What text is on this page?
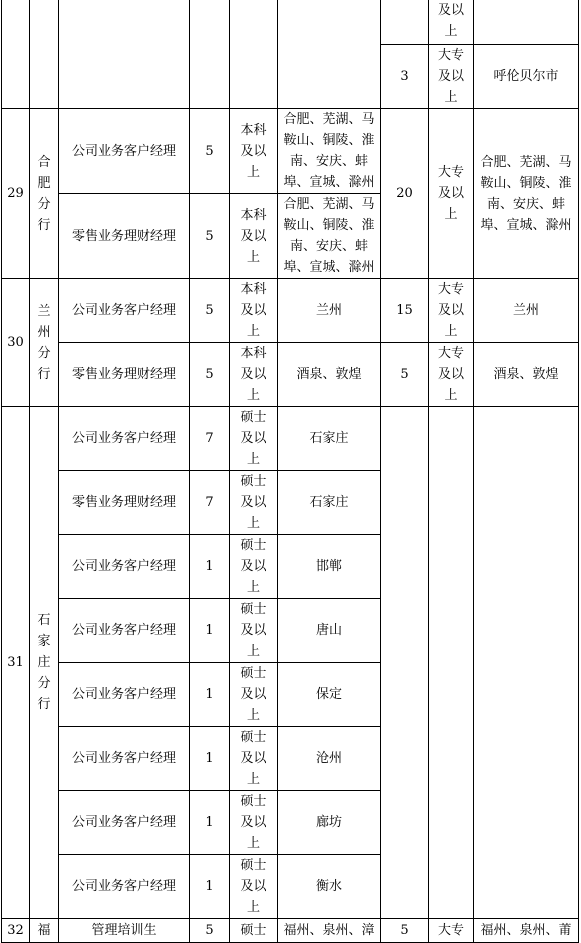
							及以上	

						3	大专及以上	呼伦贝尔市
29	合肥分行	公司业务客户经理	5	本科及以上	合肥、芜湖、马鞍山、铜陵、淮南、安庆、蚌埠、宣城、滁州	20	大专及以上	合肥、芜湖、马鞍山、铜陵、淮南、安庆、蚌埠、宣城、滁州

		零售业务理财经理	5	本科及以上	合肥、芜湖、马鞍山、铜陵、淮南、安庆、蚌埠、宣城、滁州			

30	兰州分行	公司业务客户经理	5	本科及以上	兰州	15	大专及以上	兰州
		零售业务理财经理	5	本科及以上	酒泉、敦煌	5	大专及以上	酒泉、敦煌
31	石家庄分行	公司业务客户经理	7	硕士及以上	石家庄			
		零售业务理财经理	7	硕士及以上	石家庄			
		公司业务客户经理	1	硕士及以上	邯郸			
		公司业务客户经理	1	硕士及以上	唐山			
		公司业务客户经理	1	硕士及以上	保定			
		公司业务客户经理	1	硕士及以上	沧州			
		公司业务客户经理	1	硕士及以上	廊坊			
		公司业务客户经理	1	硕士及以上	衡水			
32	福	管理培训生	5	硕士	福州、泉州、漳	5	大专	福州、泉州、莆
